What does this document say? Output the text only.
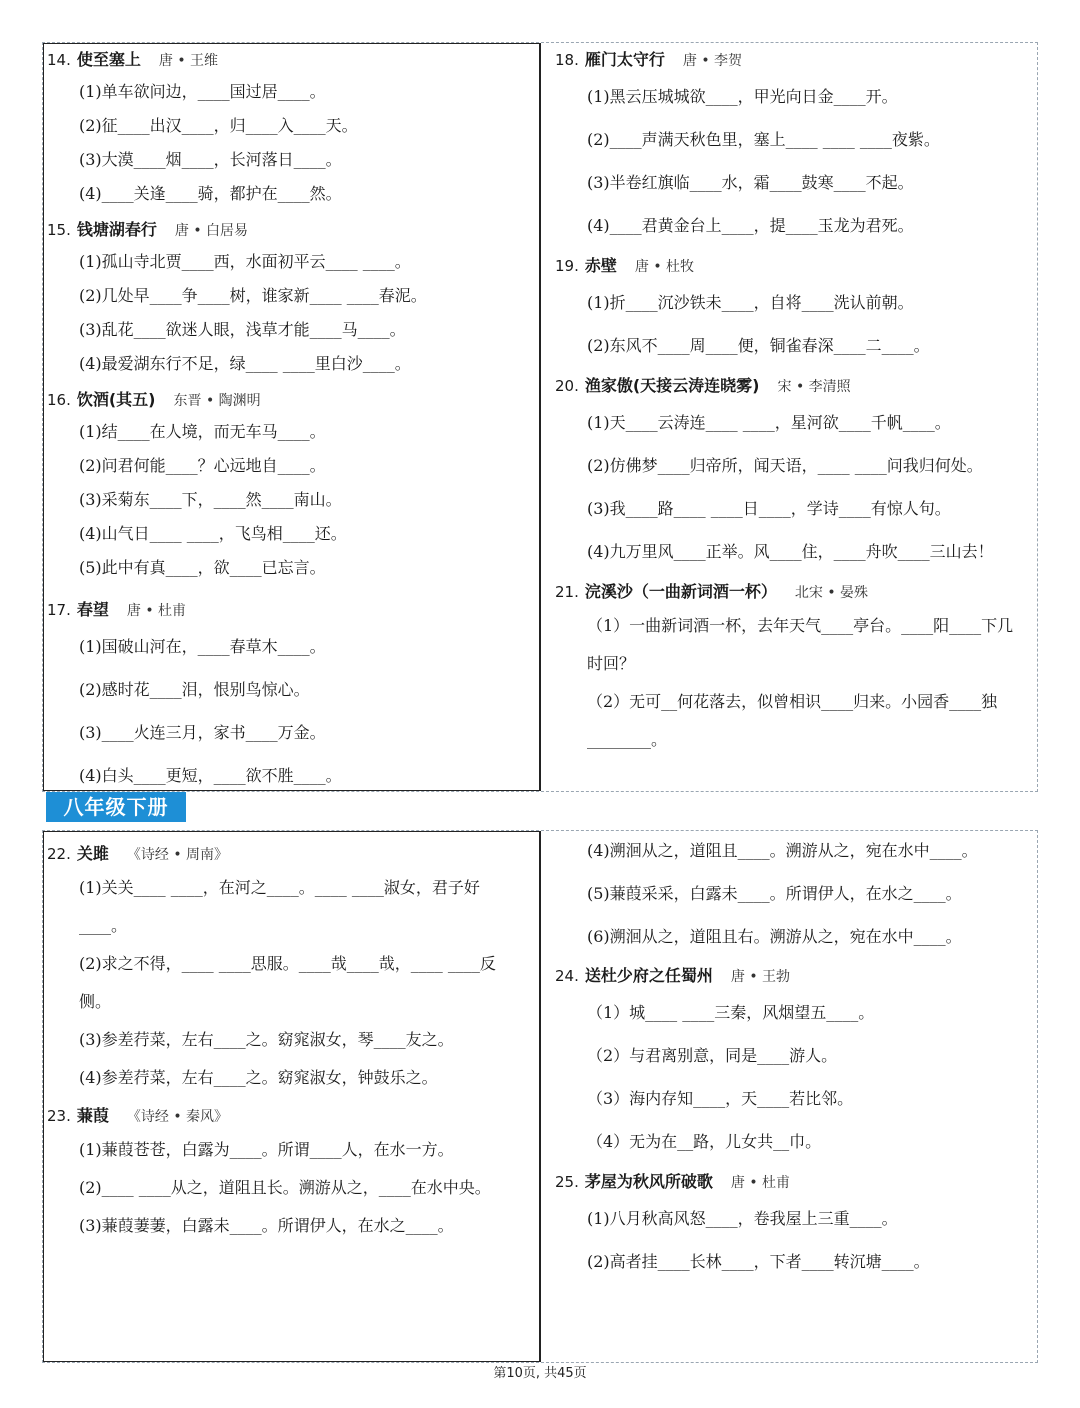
14. 使至塞上 唐 • 王维
(1)单车欲问边，____国过居____。
(2)征____出汉____，归____入____天。
(3)大漠____烟____，长河落日____。
(4)____关逢____骑，都护在____然。
15. 钱塘湖春行 唐 • 白居易
(1)孤山寺北贾____西，水面初平云____ ____。
(2)几处早____争____树，谁家新____ ____春泥。
(3)乱花____欲迷人眼，浅草才能____马____。
(4)最爱湖东行不足，绿____ ____里白沙____。
16. 饮酒(其五) 东晋 • 陶渊明
(1)结____在人境，而无车马____。
(2)问君何能____？心远地自____。
(3)采菊东____下，____然____南山。
(4)山气日____ ____，飞鸟相____还。
(5)此中有真____，欲____已忘言。
17. 春望 唐 • 杜甫
(1)国破山河在，____春草木____。
(2)感时花____泪，恨别鸟惊心。
(3)____火连三月，家书____万金。
(4)白头____更短，____欲不胜____。
18. 雁门太守行 唐 • 李贺
(1)黑云压城城欲____，甲光向日金____开。
(2)____声满天秋色里，塞上____ ____ ____夜紫。
(3)半卷红旗临____水，霜____鼓寒____不起。
(4)____君黄金台上____，提____玉龙为君死。
19. 赤壁 唐 • 杜牧
(1)折____沉沙铁未____，自将____洗认前朝。
(2)东风不____周____便，铜雀春深____二____。
20. 渔家傲(天接云涛连晓雾) 宋 • 李清照
(1)天____云涛连____ ____，星河欲____千帆____。
(2)仿佛梦____归帝所，闻天语，____ ____问我归何处。
(3)我____路____ ____日____，学诗____有惊人句。
(4)九万里风____正举。风____住，____舟吹____三山去！
21. 浣溪沙（一曲新词酒一杯） 北宋 • 晏殊
（1）一曲新词酒一杯，去年天气____亭台。____阳____下几时回？
（2）无可__何花落去，似曾相识____归来。小园香____独________。
八年级下册
22. 关雎 《诗经 • 周南》
(1)关关____ ____，在河之____。____ ____淑女，君子好____。
(2)求之不得，____ ____思服。____哉____哉，____ ____反侧。
(3)参差荇菜，左右____之。窈窕淑女，琴____友之。
(4)参差荇菜，左右____之。窈窕淑女，钟鼓乐之。
23. 蒹葭 《诗经 • 秦风》
(1)蒹葭苍苍，白露为____。所谓____人，在水一方。
(2)____ ____从之，道阻且长。溯游从之，____在水中央。
(3)蒹葭萋萋，白露未____。所谓伊人，在水之____。
(4)溯洄从之，道阻且____。溯游从之，宛在水中____。
(5)蒹葭采采，白露未____。所谓伊人，在水之____。
(6)溯洄从之，道阻且右。溯游从之，宛在水中____。
24. 送杜少府之任蜀州 唐 • 王勃
（1）城____ ____三秦，风烟望五____。
（2）与君离别意，同是____游人。
（3）海内存知____，天____若比邻。
（4）无为在__路，儿女共__巾。
25. 茅屋为秋风所破歌 唐 • 杜甫
(1)八月秋高风怒____，卷我屋上三重____。
(2)高者挂____长林____，下者____转沉塘____。
第10页, 共45页
